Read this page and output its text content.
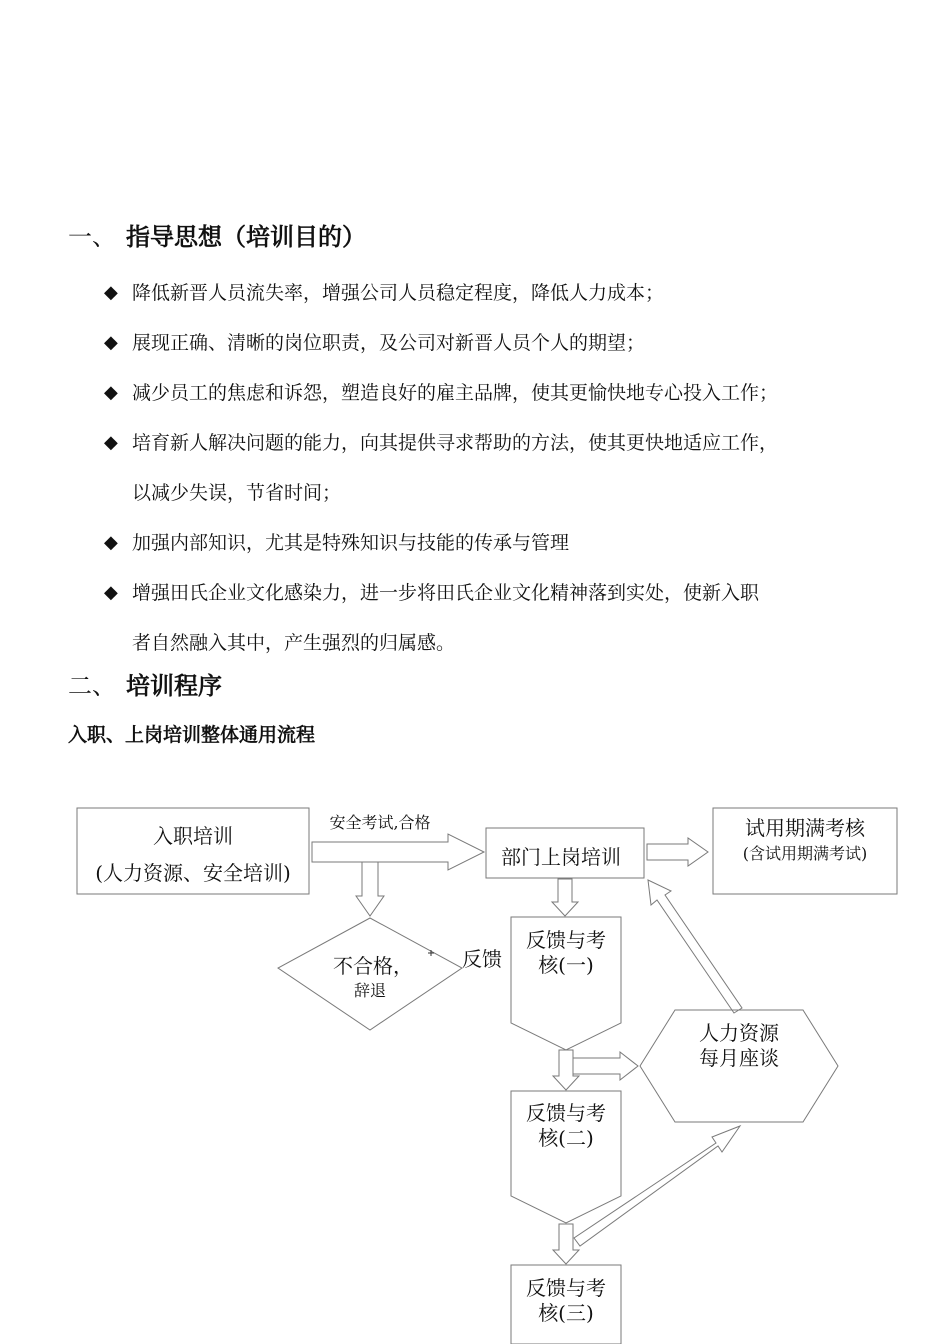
一、 指导思想（培训目的）
◆ 降低新晋人员流失率，增强公司人员稳定程度，降低人力成本；
◆ 展现正确、清晰的岗位职责，及公司对新晋人员个人的期望；
◆ 减少员工的焦虑和诉怨，塑造良好的雇主品牌，使其更愉快地专心投入工作；
◆ 培育新人解决问题的能力，向其提供寻求帮助的方法，使其更快地适应工作，
以减少失误，节省时间；
◆ 加强内部知识，尤其是特殊知识与技能的传承与管理
◆ 增强田氏企业文化感染力，进一步将田氏企业文化精神落到实处，使新入职
者自然融入其中，产生强烈的归属感。
二、 培训程序
入职、上岗培训整体通用流程
入职培训
(人力资源、安全培训)
安全考试,合格
部门上岗培训
试用期满考核
(含试用期满考试)
不合格，
辞退
反馈
反馈与考
核(一)
人力资源
每月座谈
反馈与考
核(二)
反馈与考
核(三)
